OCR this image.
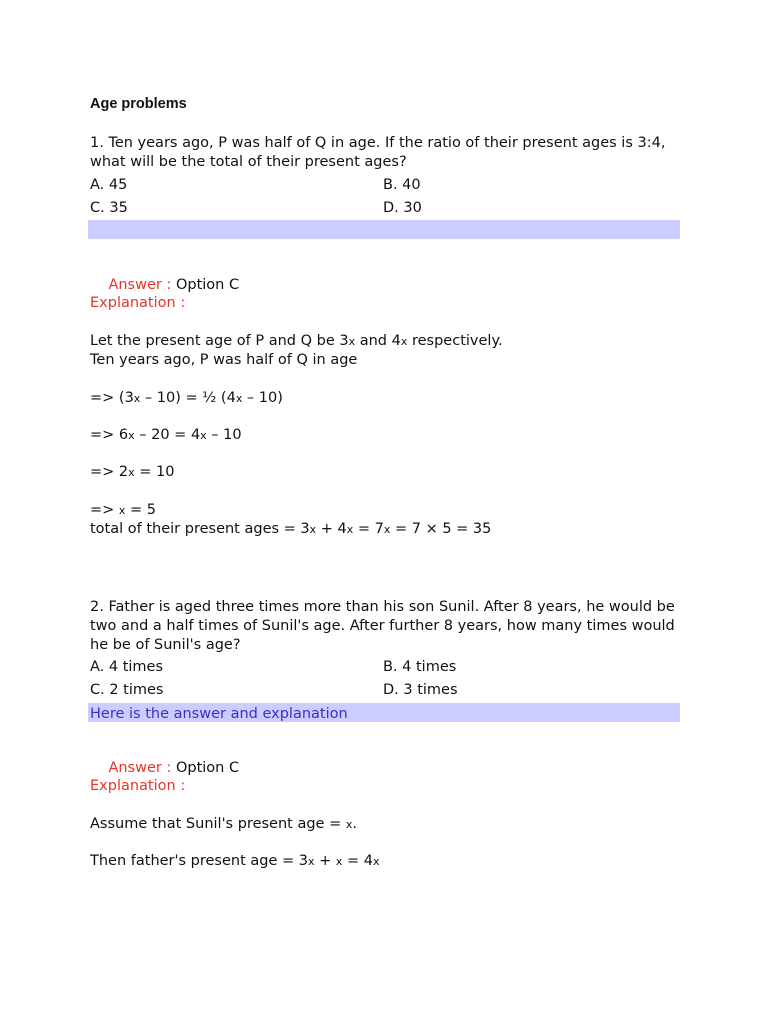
Age problems
1. Ten years ago, P was half of Q in age. If the ratio of their present ages is 3:4, what will be the total of their present ages?
A. 45	B. 40
C. 35	D. 30

Answer : Option C

Explanation :
Let the present age of P and Q be 3x and 4x respectively.
Ten years ago, P was half of Q in age
=> (3x – 10) = ½ (4x – 10)
=> 6x – 20 = 4x – 10
=> 2x = 10
=> x = 5
total of their present ages = 3x + 4x = 7x = 7 × 5 = 35
2. Father is aged three times more than his son Sunil. After 8 years, he would be two and a half times of Sunil's age. After further 8 years, how many times would he be of Sunil's age?
A. 4 times	B. 4 times
C. 2 times	D. 3 times
Here is the answer and explanation

Answer : Option C

Explanation :
Assume that Sunil's present age = x.
Then father's present age = 3x + x = 4x
